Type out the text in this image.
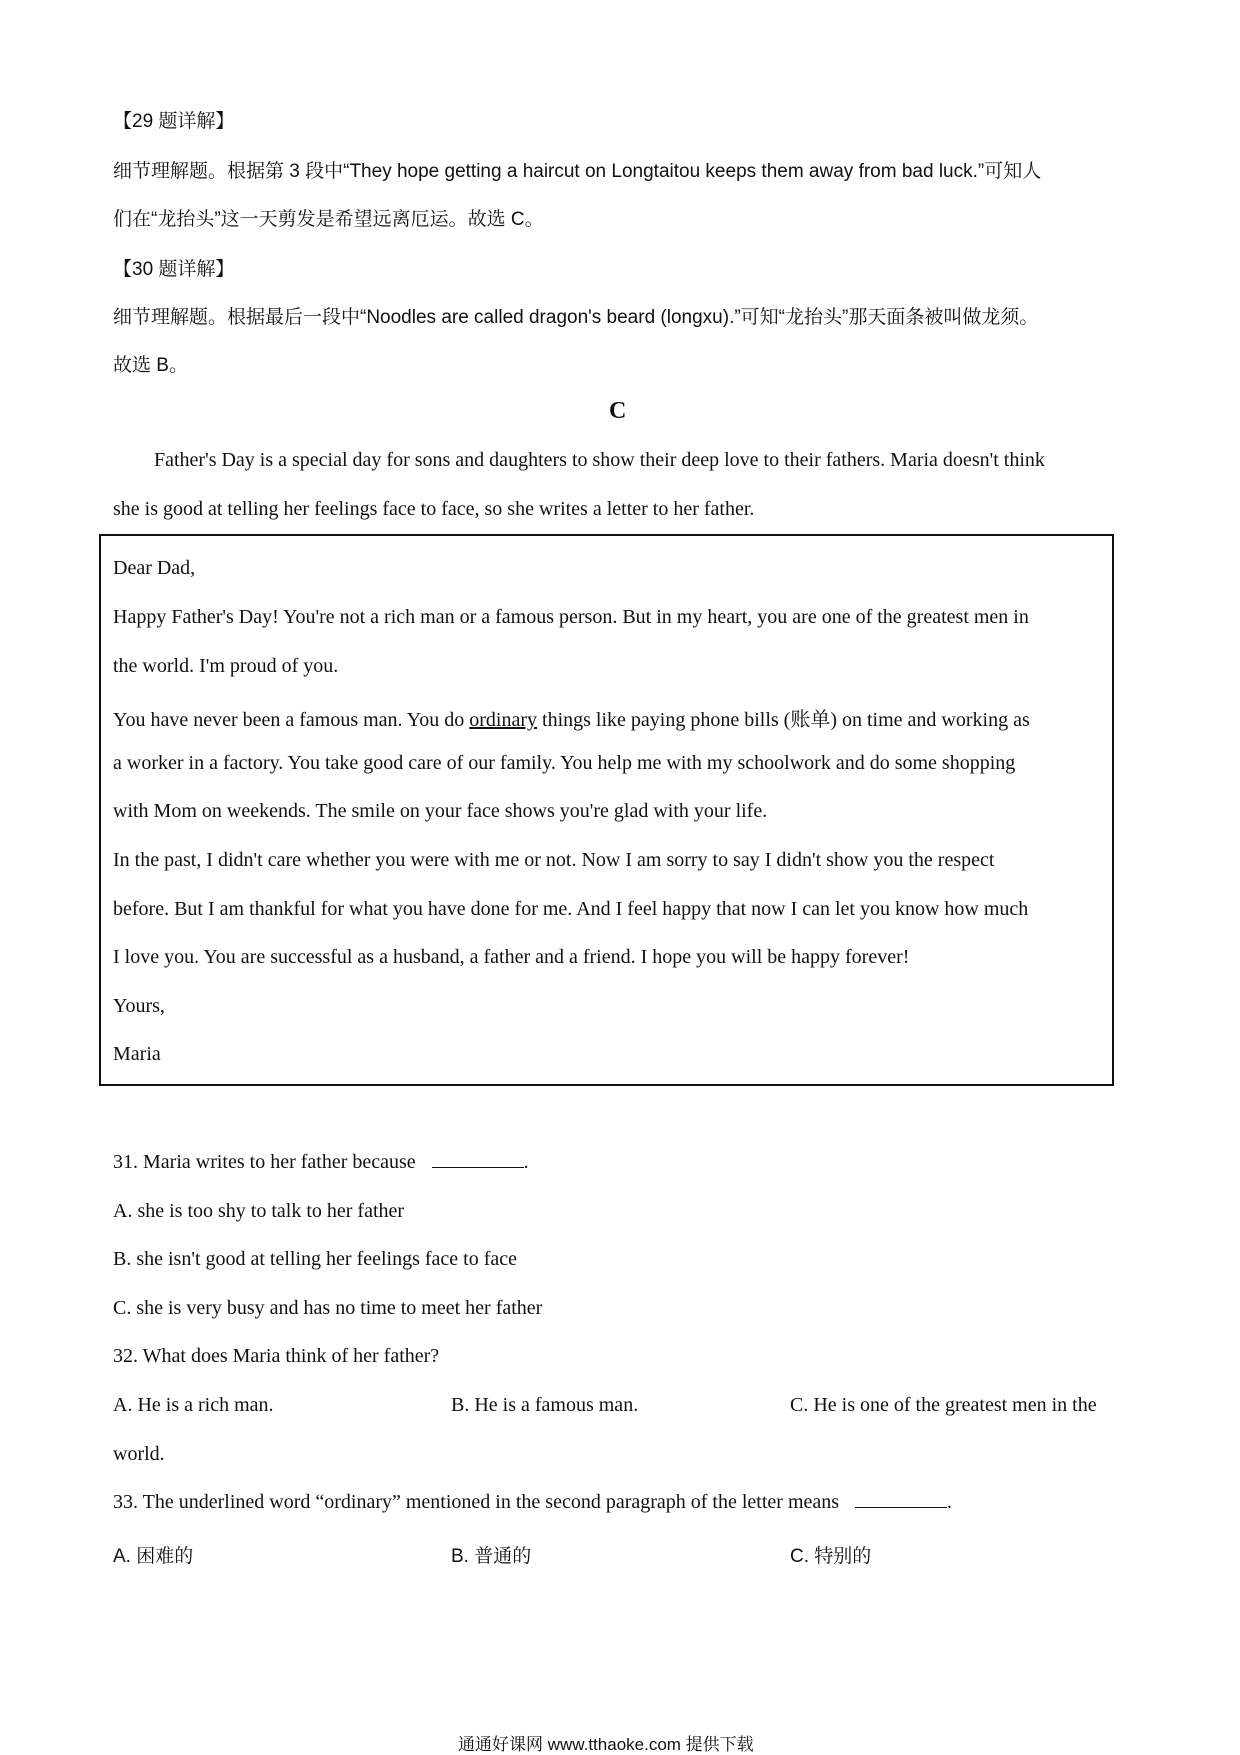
【29 题详解】
细节理解题。根据第 3 段中“They hope getting a haircut on Longtaitou keeps them away from bad luck.”可知人
们在“龙抬头”这一天剪发是希望远离厄运。故选 C。
【30 题详解】
细节理解题。根据最后一段中“Noodles are called dragon's beard (longxu).”可知“龙抬头”那天面条被叫做龙须。
故选 B。
C
Father's Day is a special day for sons and daughters to show their deep love to their fathers. Maria doesn't think
she is good at telling her feelings face to face, so she writes a letter to her father.
Dear Dad,
Happy Father's Day! You're not a rich man or a famous person. But in my heart, you are one of the greatest men in
the world. I'm proud of you.
You have never been a famous man. You do ordinary things like paying phone bills (账单) on time and working as
a worker in a factory. You take good care of our family. You help me with my schoolwork and do some shopping
with Mom on weekends. The smile on your face shows you're glad with your life.
In the past, I didn't care whether you were with me or not. Now I am sorry to say I didn't show you the respect
before. But I am thankful for what you have done for me. And I feel happy that now I can let you know how much
I love you. You are successful as a husband, a father and a friend. I hope you will be happy forever!
Yours,
Maria
31. Maria writes to her father because	.
A. she is too shy to talk to her father
B. she isn't good at telling her feelings face to face
C. she is very busy and has no time to meet her father
32. What does Maria think of her father?
A. He is a rich man.	B. He is a famous man.	C. He is one of the greatest men in the
world.
33. The underlined word “ordinary” mentioned in the second paragraph of the letter means	.
A. 困难的	B. 普通的	C. 特别的
通通好课网 www.tthaoke.com 提供下载
